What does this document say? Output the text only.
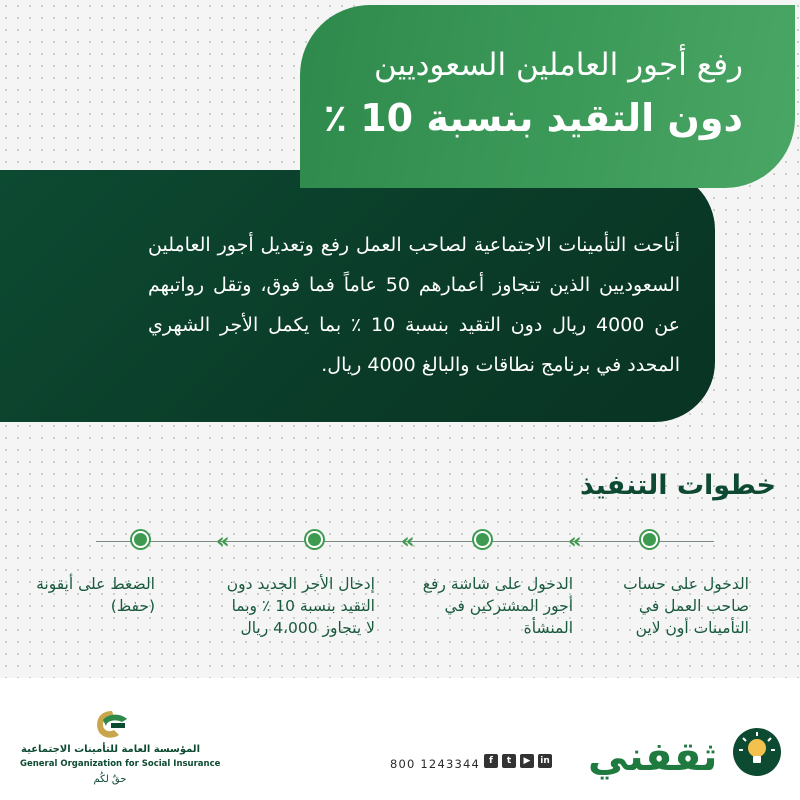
رفع أجور العاملين السعوديين
دون التقيد بنسبة 10 ٪
أتاحت التأمينات الاجتماعية لصاحب العمل رفع وتعديل أجور العاملين السعوديين الذين تتجاوز أعمارهم 50 عاماً فما فوق، وتقل رواتبهم عن 4000 ريال دون التقيد بنسبة 10 ٪ بما يكمل الأجر الشهري المحدد في برنامج نطاقات والبالغ 4000 ريال.
خطوات التنفيذ
«
«
«
الدخول على حساب صاحب العمل في التأمينات أون لاين
الدخول على شاشة رفع أجور المشتركين في المنشأة
إدخال الأجر الجديد دون التقيد بنسبة 10 ٪ وبما لا يتجاوز 4،000 ريال
الضغط على أيقونة (حفظ)
المؤسسة العامة للتأمينات الاجتماعية
General Organization for Social Insurance
حقٌ لكُم
800 1243344	f	t	▶	in ثقفني
